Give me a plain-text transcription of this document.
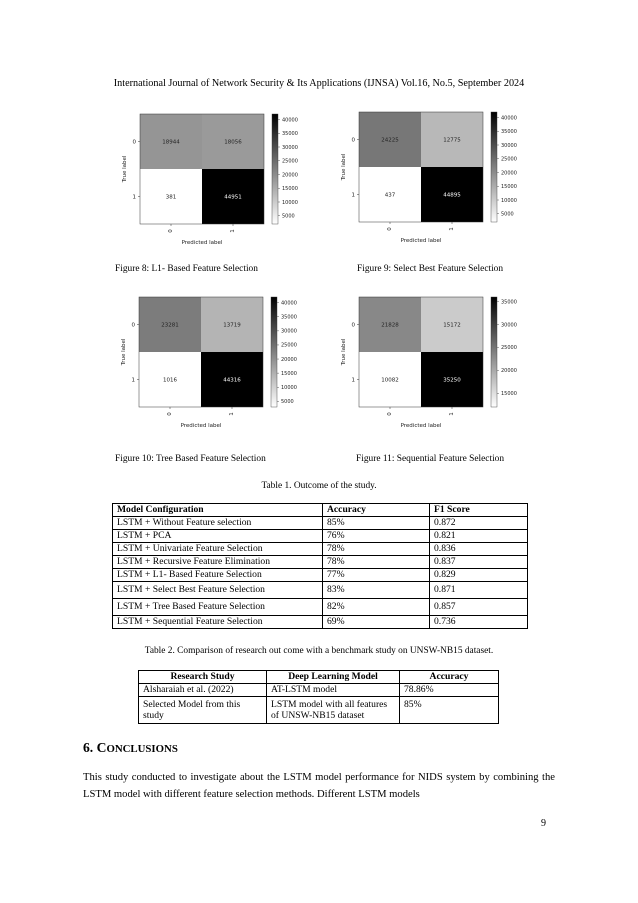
International Journal of Network Security & Its Applications (IJNSA) Vol.16, No.5, September 2024
18944	18056
381	44951
0
1
0	1
Predicted label
True label
40000
35000
30000
25000
20000
15000
10000
5000
24225	12775
437	44895
0
1
0	1
Predicted label
True label
40000
35000
30000
25000
20000
15000
10000
5000
23281	13719
1016	44316
0
1
0	1
Predicted label
True label
40000
35000
30000
25000
20000
15000
10000
5000
21828	15172
10082	35250
0
1
0	1
Predicted label
True label
35000
30000
25000
20000
15000
Figure 8: L1- Based Feature Selection	Figure 9: Select Best Feature Selection
Figure 10: Tree Based Feature Selection	Figure 11: Sequential Feature Selection
Table 1. Outcome of the study.
Model Configuration	Accuracy	F1 Score
LSTM + Without Feature selection	85%	0.872
LSTM + PCA	76%	0.821
LSTM + Univariate Feature Selection	78%	0.836
LSTM + Recursive Feature Elimination	78%	0.837
LSTM + L1- Based Feature Selection	77%	0.829
LSTM + Select Best Feature Selection	83%	0.871
LSTM + Tree Based Feature Selection	82%	0.857
LSTM + Sequential Feature Selection	69%	0.736
Table 2. Comparison of research out come with a benchmark study on UNSW-NB15 dataset.
Research Study	Deep Learning Model	Accuracy
Alsharaiah et al. (2022)	AT-LSTM model	78.86%
Selected Model from this study	LSTM model with all features of UNSW-NB15 dataset	85%
6. CONCLUSIONS
This study conducted to investigate about the LSTM model performance for NIDS system by combining the LSTM model with different feature selection methods. Different LSTM models
9
